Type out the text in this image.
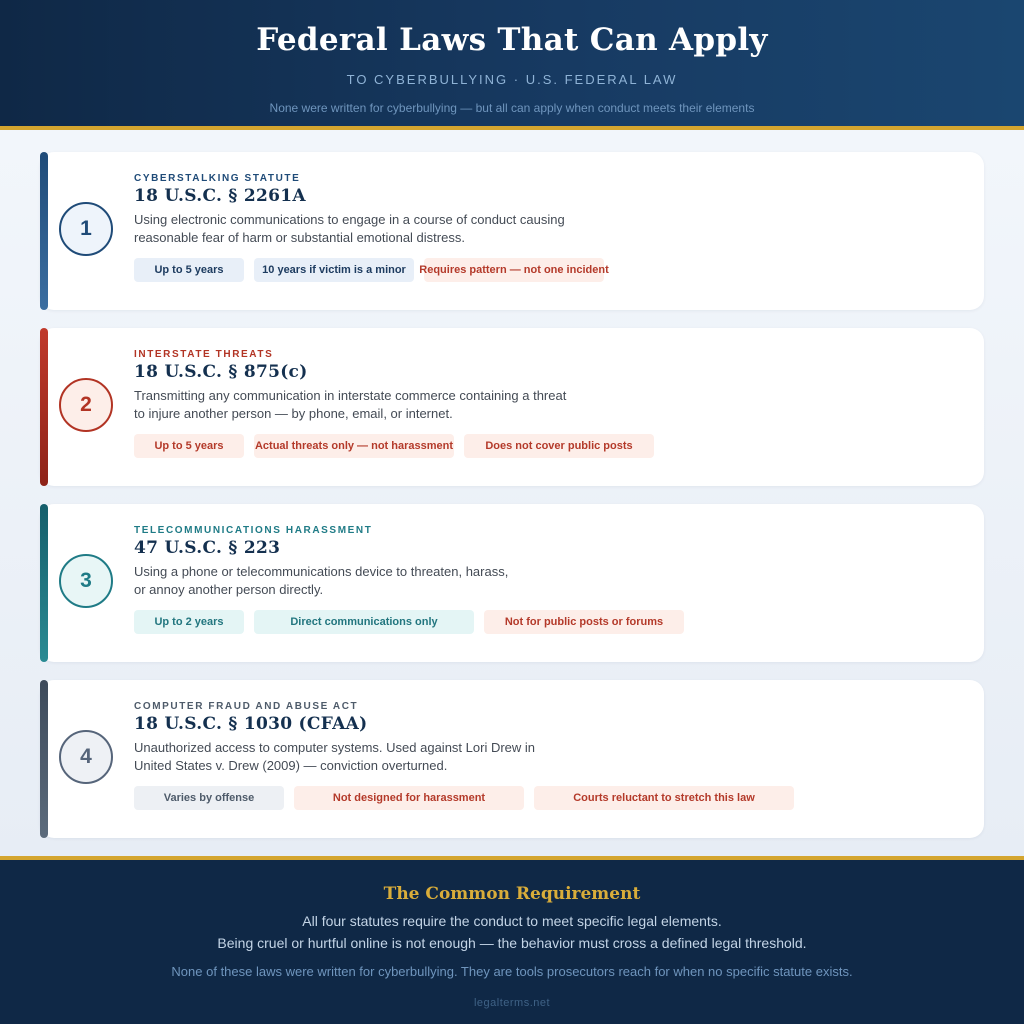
Federal Laws That Can Apply
TO CYBERBULLYING · U.S. FEDERAL LAW
None were written for cyberbullying — but all can apply when conduct meets their elements
1
CYBERSTALKING STATUTE
18 U.S.C. § 2261A
Using electronic communications to engage in a course of conduct causing
reasonable fear of harm or substantial emotional distress.
Up to 5 years	10 years if victim is a minor	Requires pattern — not one incident
2
INTERSTATE THREATS
18 U.S.C. § 875(c)
Transmitting any communication in interstate commerce containing a threat
to injure another person — by phone, email, or internet.
Up to 5 years	Actual threats only — not harassment	Does not cover public posts
3
TELECOMMUNICATIONS HARASSMENT
47 U.S.C. § 223
Using a phone or telecommunications device to threaten, harass,
or annoy another person directly.
Up to 2 years	Direct communications only	Not for public posts or forums
4
COMPUTER FRAUD AND ABUSE ACT
18 U.S.C. § 1030 (CFAA)
Unauthorized access to computer systems. Used against Lori Drew in
United States v. Drew (2009) — conviction overturned.
Varies by offense	Not designed for harassment	Courts reluctant to stretch this law
The Common Requirement
All four statutes require the conduct to meet specific legal elements.
Being cruel or hurtful online is not enough — the behavior must cross a defined legal threshold.
None of these laws were written for cyberbullying. They are tools prosecutors reach for when no specific statute exists.
legalterms.net
